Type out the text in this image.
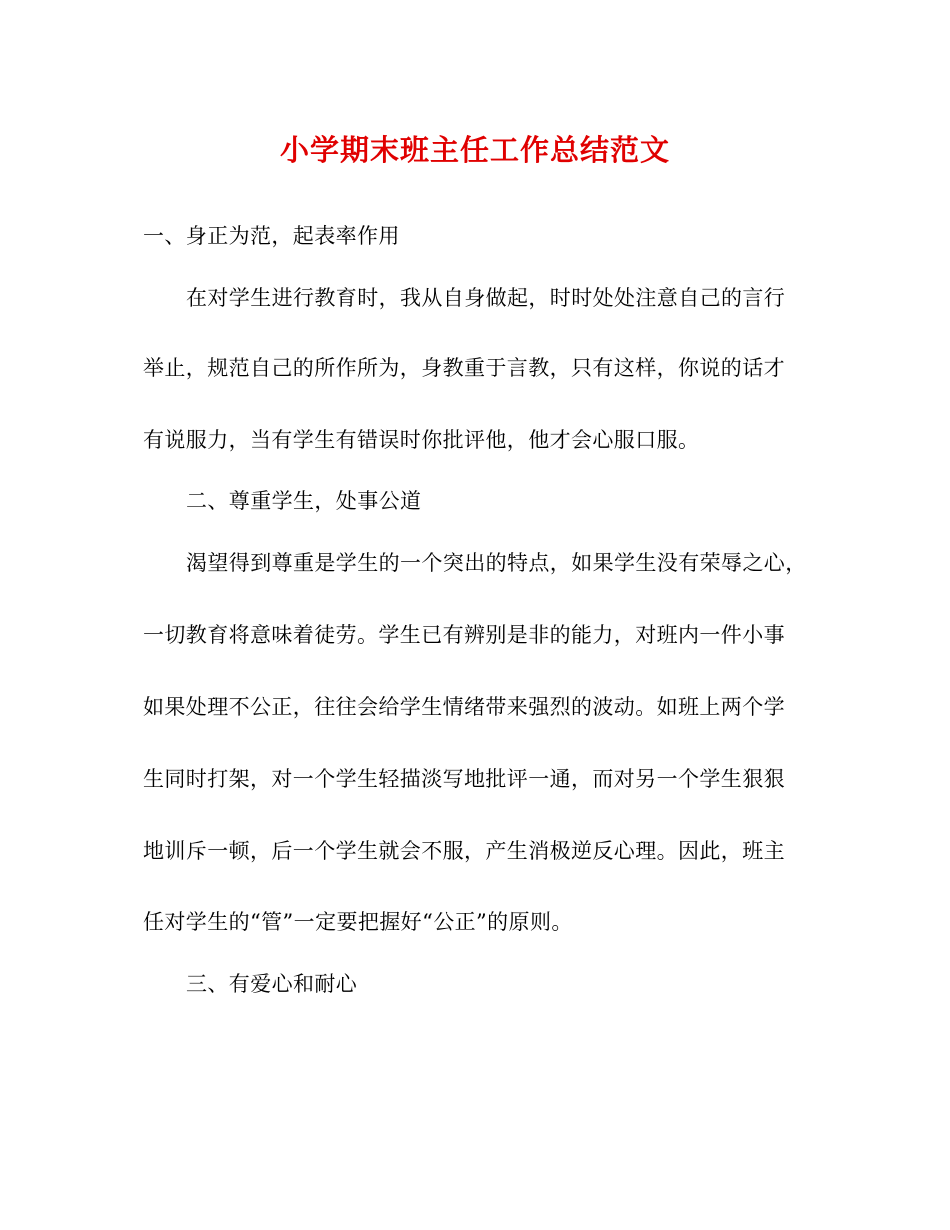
小学期末班主任工作总结范文
一、身正为范，起表率作用
在对学生进行教育时，我从自身做起，时时处处注意自己的言行
举止，规范自己的所作所为，身教重于言教，只有这样，你说的话才
有说服力，当有学生有错误时你批评他，他才会心服口服。
二、尊重学生，处事公道
渴望得到尊重是学生的一个突出的特点，如果学生没有荣辱之心，
一切教育将意味着徒劳。学生已有辨别是非的能力，对班内一件小事
如果处理不公正，往往会给学生情绪带来强烈的波动。如班上两个学
生同时打架，对一个学生轻描淡写地批评一通，而对另一个学生狠狠
地训斥一顿，后一个学生就会不服，产生消极逆反心理。因此，班主
任对学生的“管”一定要把握好“公正”的原则。
三、有爱心和耐心
